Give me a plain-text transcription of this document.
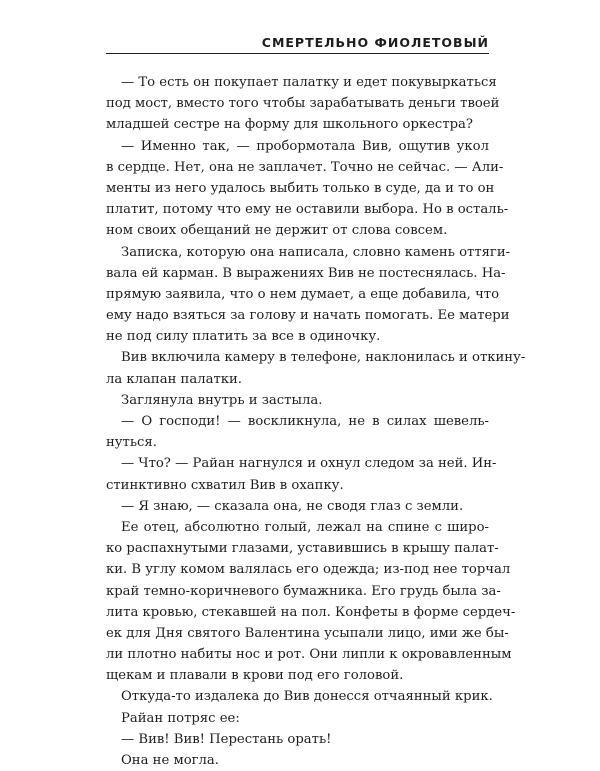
СМЕРТЕЛЬНО ФИОЛЕТОВЫЙ
— То есть он покупает палатку и едет покувыркаться
под мост, вместо того чтобы зарабатывать деньги твоей
младшей сестре на форму для школьного оркестра?
— Именно так, — пробормотала Вив, ощутив укол
в сердце. Нет, она не заплачет. Точно не сейчас. — Али-
менты из него удалось выбить только в суде, да и то он
платит, потому что ему не оставили выбора. Но в осталь-
ном своих обещаний не держит от слова совсем.
Записка, которую она написала, словно камень оттяги-
вала ей карман. В выражениях Вив не постеснялась. На-
прямую заявила, что о нем думает, а еще добавила, что
ему надо взяться за голову и начать помогать. Ее матери
не под силу платить за все в одиночку.
Вив включила камеру в телефоне, наклонилась и откину-
ла клапан палатки.
Заглянула внутрь и застыла.
— О господи! — воскликнула, не в силах шевель-
нуться.
— Что? — Райан нагнулся и охнул следом за ней. Ин-
стинктивно схватил Вив в охапку.
— Я знаю, — сказала она, не сводя глаз с земли.
Ее отец, абсолютно голый, лежал на спине с широ-
ко распахнутыми глазами, уставившись в крышу палат-
ки. В углу комом валялась его одежда; из-под нее торчал
край темно-коричневого бумажника. Его грудь была за-
лита кровью, стекавшей на пол. Конфеты в форме сердеч-
ек для Дня святого Валентина усыпали лицо, ими же бы-
ли плотно набиты нос и рот. Они липли к окровавленным
щекам и плавали в крови под его головой.
Откуда-то издалека до Вив донесся отчаянный крик.
Райан потряс ее:
— Вив! Вив! Перестань орать!
Она не могла.
